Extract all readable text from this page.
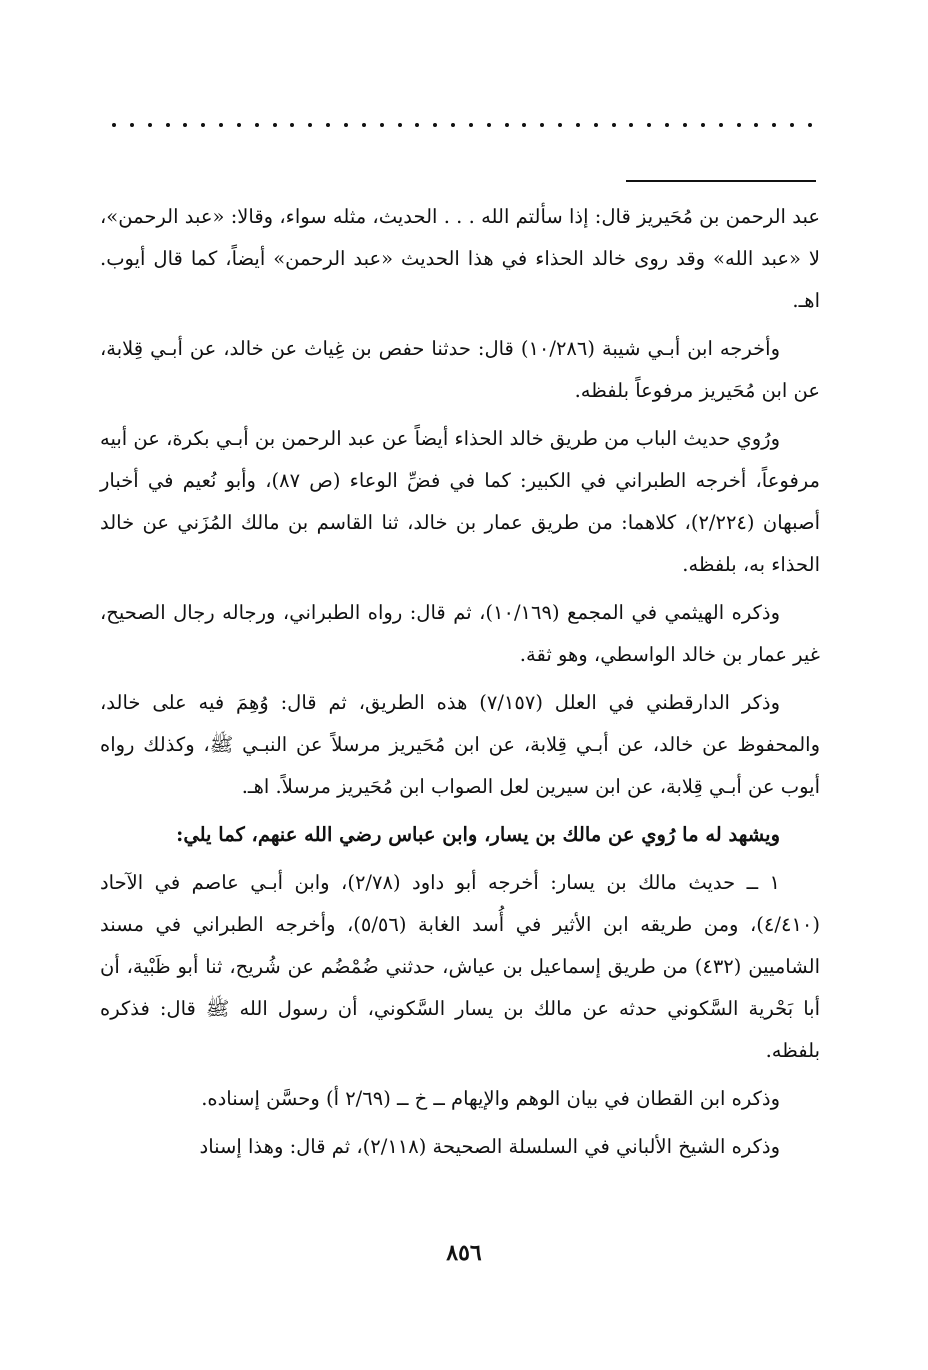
عبد الرحمن بن مُحَيريز قال: إذا سألتم الله . . . الحديث، مثله سواء، وقالا: «عبد الرحمن»، لا «عبد الله» وقد روى خالد الحذاء في هذا الحديث «عبد الرحمن» أيضاً، كما قال أيوب. اهـ.

وأخرجه ابن أبـي شيبة (١٠/٢٨٦) قال: حدثنا حفص بن غِياث عن خالد، عن أبـي قِلابة، عن ابن مُحَيريز مرفوعاً بلفظه.

ورُوي حديث الباب من طريق خالد الحذاء أيضاً عن عبد الرحمن بن أبـي بكرة، عن أبيه مرفوعاً، أخرجه الطبراني في الكبير: كما في فضِّ الوعاء (ص ٨٧)، وأبو نُعيم في أخبار أصبهان (٢/٢٢٤)، كلاهما: من طريق عمار بن خالد، ثنا القاسم بن مالك المُزَني عن خالد الحذاء به، بلفظه.

وذكره الهيثمي في المجمع (١٠/١٦٩)، ثم قال: رواه الطبراني، ورجاله رجال الصحيح، غير عمار بن خالد الواسطي، وهو ثقة.

وذكر الدارقطني في العلل (٧/١٥٧) هذه الطريق، ثم قال: وُهِمَ فيه على خالد، والمحفوظ عن خالد، عن أبـي قِلابة، عن ابن مُحَيريز مرسلاً عن النبـي ﷺ، وكذلك رواه أيوب عن أبـي قِلابة، عن ابن سيرين لعل الصواب ابن مُحَيريز مرسلاً. اهـ.

ويشهد له ما رُوي عن مالك بن يسار، وابن عباس رضي الله عنهم، كما يلي:

١ ــ حديث مالك بن يسار: أخرجه أبو داود (٢/٧٨)، وابن أبـي عاصم في الآحاد (٤/٤١٠)، ومن طريقه ابن الأثير في أُسد الغابة (٥/٥٦)، وأخرجه الطبراني في مسند الشاميين (٤٣٢) من طريق إسماعيل بن عياش، حدثني ضُمْضُم عن شُريح، ثنا أبو ظَبْية، أن أبا بَحْرية السَّكوني حدثه عن مالك بن يسار السَّكوني، أن رسول الله ﷺ قال: فذكره بلفظه.

وذكره ابن القطان في بيان الوهم والإيهام ــ خ ــ (٢/٦٩ أ) وحسَّن إسناده.

وذكره الشيخ الألباني في السلسلة الصحيحة (٢/١١٨)، ثم قال: وهذا إسناد

٨٥٦
